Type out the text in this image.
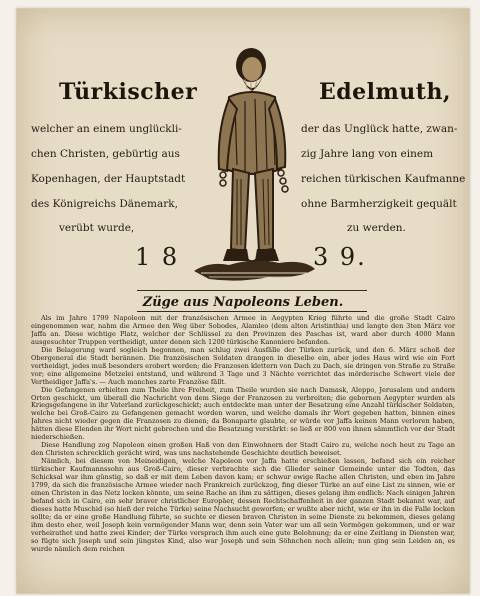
Türkischer	Edelmuth,
welcher an einem unglückli-
chen Christen, gebürtig aus
Kopenhagen, der Hauptstadt
des Königreichs Dänemark,
verübt wurde,
der das Unglück hatte, zwan-
zig Jahre lang von einem
reichen türkischen Kaufmanne
ohne Barmherzigkeit gequält
zu werden.
1 8	3 9.
Züge aus Napoleons Leben.

Als im Jahre 1799 Napoleon mit der französischen Armee in Aegypten Krieg führte und die große Stadt Cairo eingenommen war, nahm die Armee den Weg über Sobodes, Alamleo (dem alten Aristinthia) und langte den 3ten März vor Jaffa an. Diese wichtige Platz, welcher der Schlüssel zu den Provinzen des Paschas ist, ward aber durch 4000 Mann ausgesuchter Truppen vertheidigt, unter denen sich 1200 türkische Kanoniere befanden.

Die Belagerung ward sogleich begonnen, man schlug zwei Ausfälle der Türken zurück, und den 6. März schoß der Obergeneral die Stadt berännen. Die französischen Soldaten drangen in dieselbe ein, aber jedes Haus wird wie ein Fort vertheidigt, jedes muß besonders erobert werden; die Franzosen klettern von Dach zu Dach, sie dringen von Straße zu Straße vor; eine allgemeine Metzelei entstand, und während 3 Tage und 3 Nächte verrichtet das mörderische Schwert viele der Vertheidiger Jaffa's. — Auch manches zarte Französe fällt.

Die Gefangenen erhielten zum Theile ihre Freiheit, zum Theile wurden sie nach Damask, Aleppo, Jerusalem und andern Orten geschickt, um überall die Nachricht von dem Siege der Franzosen zu verbreiten; die gebornen Aegypter wurden als Kriegsgefangene in ihr Vaterland zurückgeschickt; auch entdeckte man unter der Besatzung eine Anzahl türkischer Soldaten, welche bei Groß-Cairo zu Gefangenen gemacht worden waren, und welche damals ihr Wort gegeben hatten, binnen eines Jahres nicht wieder gegen die Franzosen zu dienen; da Bonaparte glaubte, er würde vor Jaffa keinen Mann verloren haben, hätten diese Elenden ihr Wort nicht gebrochen und die Besatzung verstärkt: so ließ er 800 von ihnen sämmtlich vor der Stadt niederschießen.

Diese Handlung zog Napoleon einen großen Haß von den Einwohnern der Stadt Cairo zu, welche noch heut zu Tage an den Christen schrecklich gerächt wird, was uns nachstehende Geschichte deutlich beweiset.

Nämlich, bei diesem von Meineidigen, welche Napoleon vor Jaffa hatte erschießen lassen, befand sich ein reicher türkischer Kaufmannssohn aus Groß-Cairo, dieser verbrachte sich die Glieder seiner Gemeinde unter die Todten, das Schicksal war ihm günstig, so daß er mit dem Leben davon kam; er schwur ewige Rache allen Christen, und eben im Jahre 1799, da sich die französische Armee wieder nach Frankreich zurückzog, fing dieser Türke an auf eine List zu sinnen, wie er einen Christen in das Netz locken könnte, um seine Rache an ihm zu sättigen, dieses gelang ihm endlich: Nach einigen Jahren befand sich in Cairo, ein sehr braver christlicher Europäer, dessen Rechtschaffenheit in der ganzen Stadt bekannt war, auf dieses hatte Muschid (so hieß der reiche Türke) seine Nachsucht geworfen; er wußte aber nicht, wie er ihn in die Falle locken sollte; da er eine große Handlung führte, so suchte er diesen braven Christen in seine Dienste zu bekommen, dieses gelang ihm desto eher, weil Joseph kein vermögender Mann war, denn sein Vater war um all sein Vermögen gekommen, und er war verheirathet und hatte zwei Kinder; der Türke versprach ihm auch eine gute Belohnung; da er eine Zeitlang in Diensten war, so fügte sich Joseph und sein jüngstes Kind, also war Joseph und sein Söhnchen noch allein; nun ging sein Leiden an, es wurde nämlich dem reichen
